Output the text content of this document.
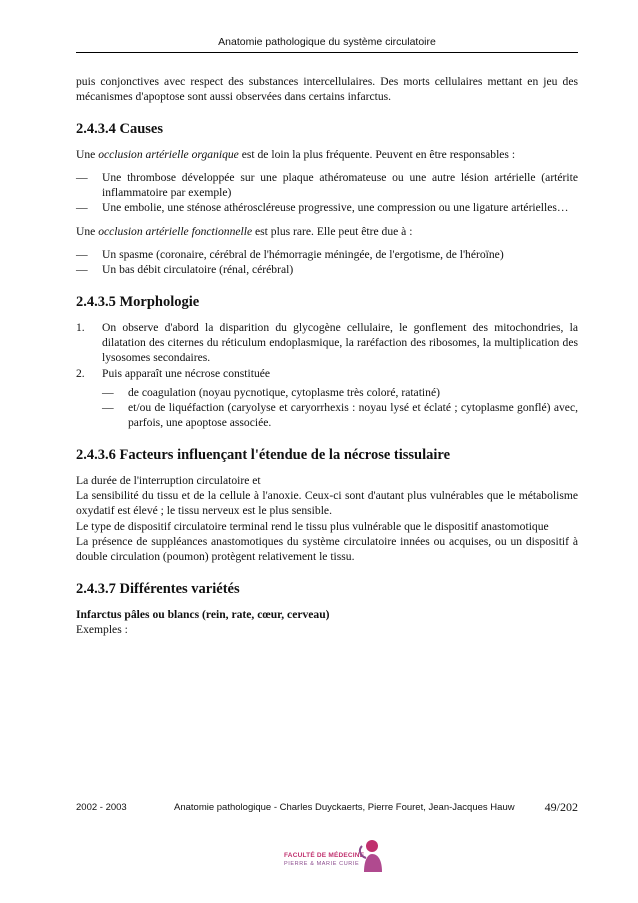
Anatomie pathologique du système circulatoire

puis conjonctives avec respect des substances intercellulaires. Des morts cellulaires mettant en jeu des mécanismes d'apoptose sont aussi observées dans certains infarctus.

2.4.3.4 Causes

Une occlusion artérielle organique est de loin la plus fréquente. Peuvent en être responsables :

— Une thrombose développée sur une plaque athéromateuse ou une autre lésion artérielle (artérite inflammatoire par exemple)
— Une embolie, une sténose athéroscléreuse progressive, une compression ou une ligature artérielles…

Une occlusion artérielle fonctionnelle est plus rare. Elle peut être due à :

— Un spasme (coronaire, cérébral de l'hémorragie méningée, de l'ergotisme, de l'héroïne)
— Un bas débit circulatoire (rénal, cérébral)
2.4.3.5 Morphologie
1. On observe d'abord la disparition du glycogène cellulaire, le gonflement des mitochondries, la dilatation des citernes du réticulum endoplasmique, la raréfaction des ribosomes, la multiplication des lysosomes secondaires.
2. Puis apparaît une nécrose constituée
— de coagulation (noyau pycnotique, cytoplasme très coloré, ratatiné)
— et/ou de liquéfaction (caryolyse et caryorrhexis : noyau lysé et éclaté ; cytoplasme gonflé) avec, parfois, une apoptose associée.
2.4.3.6 Facteurs influençant l'étendue de la nécrose tissulaire

La durée de l'interruption circulatoire et

La sensibilité du tissu et de la cellule à l'anoxie. Ceux-ci sont d'autant plus vulnérables que le métabolisme oxydatif est élevé ; le tissu nerveux est le plus sensible.

Le type de dispositif circulatoire terminal rend le tissu plus vulnérable que le dispositif anastomotique

La présence de suppléances anastomotiques du système circulatoire innées ou acquises, ou un dispositif à double circulation (poumon) protègent relativement le tissu.

2.4.3.7 Différentes variétés

Infarctus pâles ou blancs (rein, rate, cœur, cerveau)

Exemples :

2002 - 2003	Anatomie pathologique - Charles Duyckaerts, Pierre Fouret, Jean-Jacques Hauw	49/202
FACULTÉ DE MÉDECINE
PIERRE & MARIE CURIE
